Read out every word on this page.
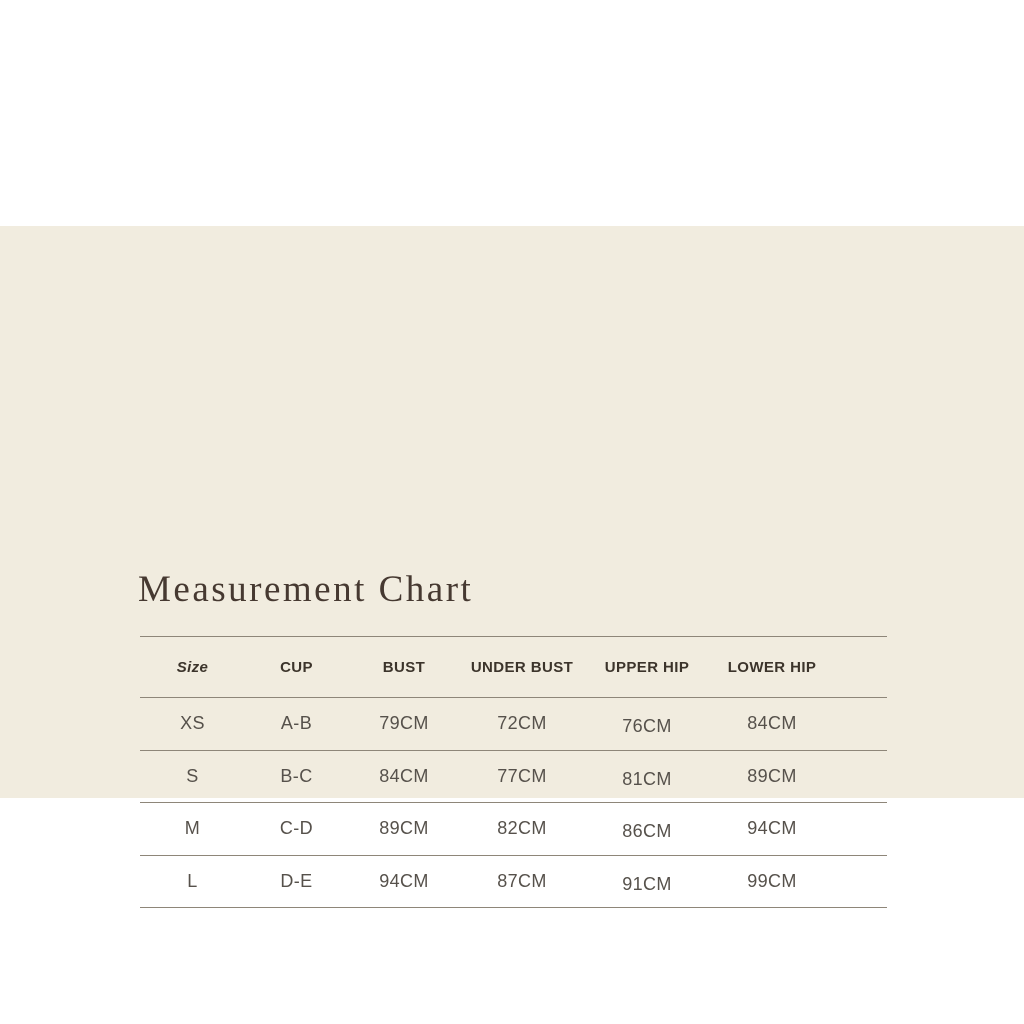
Measurement Chart
Size	CUP	BUST	UNDER BUST	UPPER HIP	LOWER HIP
XS	A-B	79CM	72CM	76CM	84CM
S	B-C	84CM	77CM	81CM	89CM
M	C-D	89CM	82CM	86CM	94CM
L	D-E	94CM	87CM	91CM	99CM
